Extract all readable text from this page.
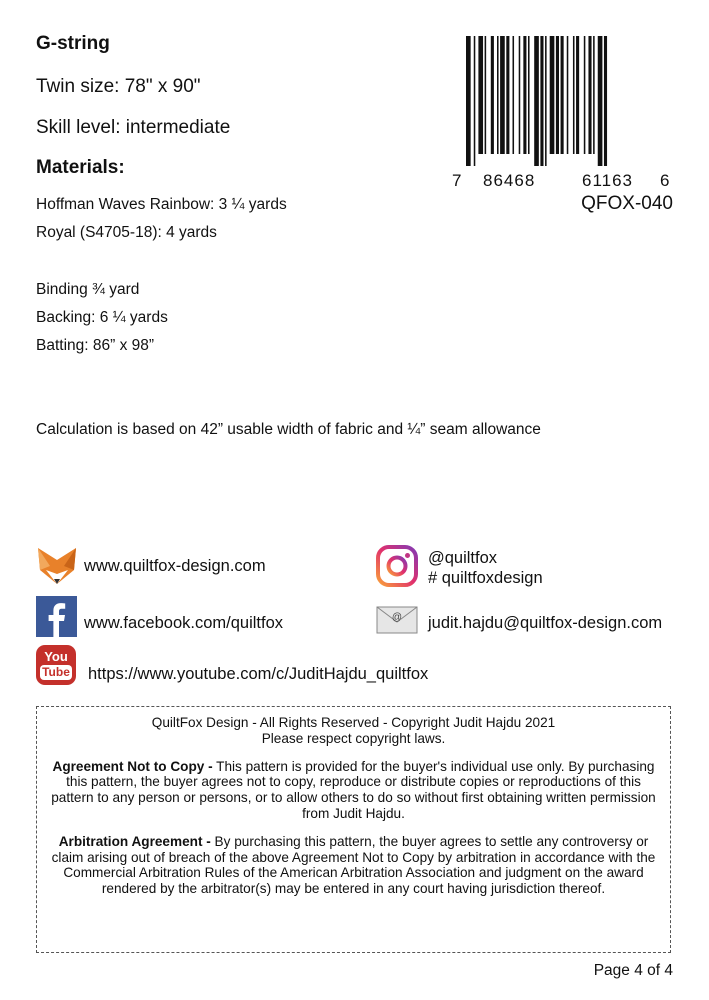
G-string
Twin size: 78" x 90"
Skill level: intermediate
Materials:
Hoffman Waves Rainbow: 3 ¼ yards
Royal (S4705-18): 4 yards
Binding ¾ yard
Backing: 6 ¼ yards
Batting: 86” x 98”
Calculation is based on 42” usable width of fabric and ¼” seam allowance
7 86468	61163 6
QFOX-040
www.quiltfox-design.com
www.facebook.com/quiltfox
You
Tube https://www.youtube.com/c/JuditHajdu_quiltfox
@quiltfox
# quiltfoxdesign
@ judit.hajdu@quiltfox-design.com

QuiltFox Design - All Rights Reserved - Copyright Judit Hajdu 2021

Please respect copyright laws.

Agreement Not to Copy - This pattern is provided for the buyer's individual use only. By purchasing this pattern, the buyer agrees not to copy, reproduce or distribute copies or reproductions of this pattern to any person or persons, or to allow others to do so without first obtaining written permission from Judit Hajdu.

Arbitration Agreement - By purchasing this pattern, the buyer agrees to settle any controversy or claim arising out of breach of the above Agreement Not to Copy by arbitration in accordance with the Commercial Arbitration Rules of the American Arbitration Association and judgment on the award rendered by the arbitrator(s) may be entered in any court having jurisdiction thereof.

Page 4 of 4
